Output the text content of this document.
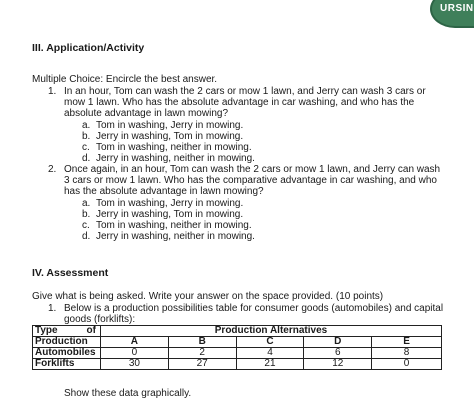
URSIN
III. Application/Activity
Multiple Choice: Encircle the best answer.
1. In an hour, Tom can wash the 2 cars or mow 1 lawn, and Jerry can wash 3 cars or
mow 1 lawn. Who has the absolute advantage in car washing, and who has the
absolute advantage in lawn mowing?
a. Tom in washing, Jerry in mowing.
b. Jerry in washing, Tom in mowing.
c. Tom in washing, neither in mowing.
d. Jerry in washing, neither in mowing.
2. Once again, in an hour, Tom can wash the 2 cars or mow 1 lawn, and Jerry can wash
3 cars or mow 1 lawn. Who has the comparative advantage in car washing, and who
has the absolute advantage in lawn mowing?
a. Tom in washing, Jerry in mowing.
b. Jerry in washing, Tom in mowing.
c. Tom in washing, neither in mowing.
d. Jerry in washing, neither in mowing.
IV. Assessment
Give what is being asked. Write your answer on the space provided. (10 points)
1. Below is a production possibilities table for consumer goods (automobiles) and capital
goods (forklifts):
Type of	Production Alternatives				
Production	A	B	C	D	E
Automobiles	0	2	4	6	8
Forklifts	30	27	21	12	0
Show these data graphically.
